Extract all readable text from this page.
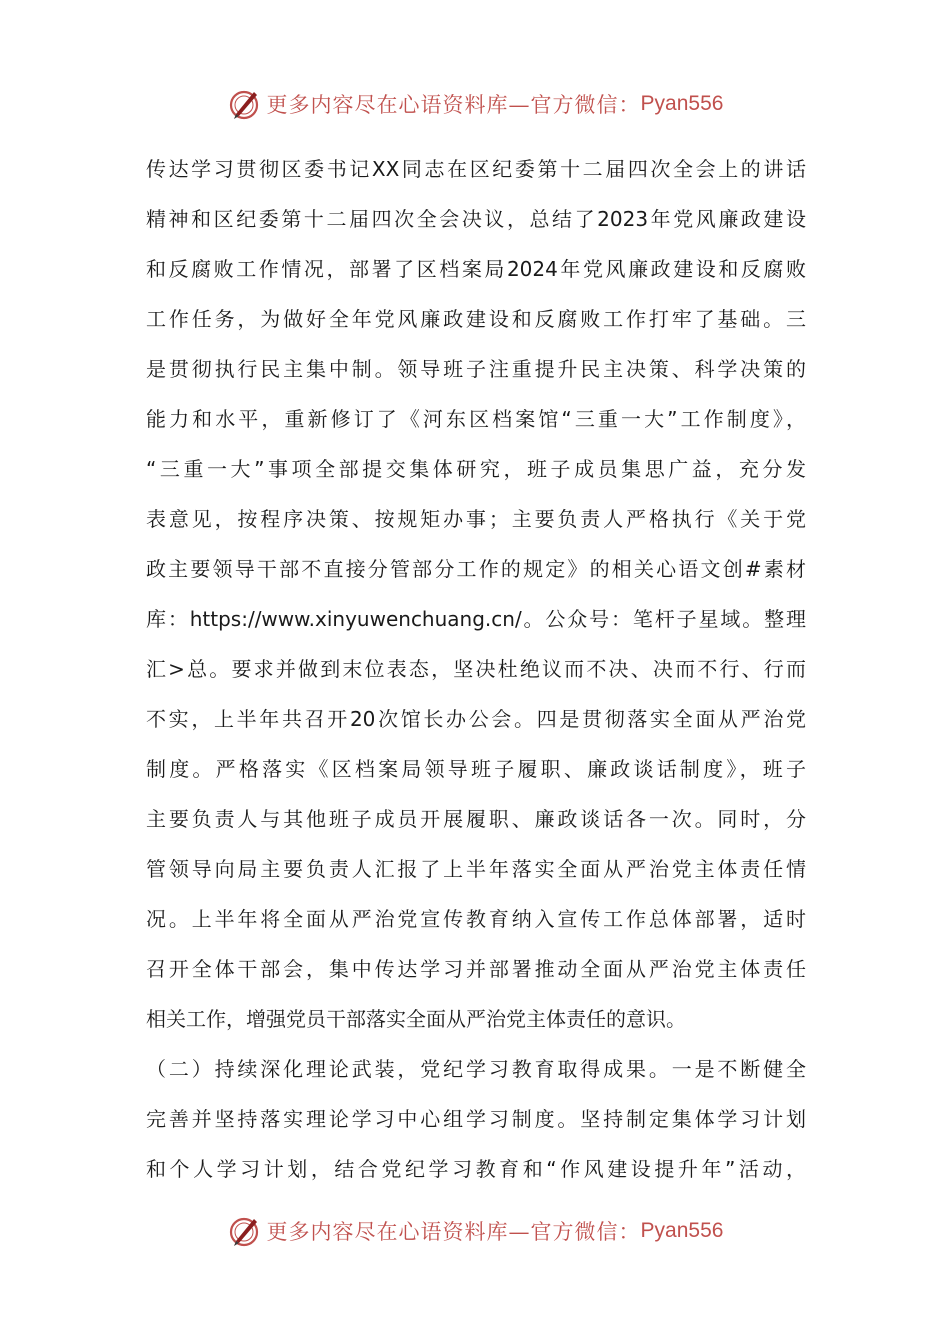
更多内容尽在心语资料库—官方微信： Pyan556
传达学习贯彻区委书记XX同志在区纪委第十二届四次全会上的讲话
精神和区纪委第十二届四次全会决议，总结了2023年党风廉政建设
和反腐败工作情况，部署了区档案局2024年党风廉政建设和反腐败
工作任务，为做好全年党风廉政建设和反腐败工作打牢了基础。三
是贯彻执行民主集中制。领导班子注重提升民主决策、科学决策的
能力和水平，重新修订了《河东区档案馆“三重一大”工作制度》，
“三重一大”事项全部提交集体研究，班子成员集思广益，充分发
表意见，按程序决策、按规矩办事；主要负责人严格执行《关于党
政主要领导干部不直接分管部分工作的规定》的相关心语文创#素材
库：https://www.xinyuwenchuang.cn/。公众号：笔杆子星域。整理
汇>总。要求并做到末位表态，坚决杜绝议而不决、决而不行、行而
不实，上半年共召开20次馆长办公会。四是贯彻落实全面从严治党
制度。严格落实《区档案局领导班子履职、廉政谈话制度》，班子
主要负责人与其他班子成员开展履职、廉政谈话各一次。同时，分
管领导向局主要负责人汇报了上半年落实全面从严治党主体责任情
况。上半年将全面从严治党宣传教育纳入宣传工作总体部署，适时
召开全体干部会，集中传达学习并部署推动全面从严治党主体责任
相关工作，增强党员干部落实全面从严治党主体责任的意识。
（二）持续深化理论武装，党纪学习教育取得成果。一是不断健全
完善并坚持落实理论学习中心组学习制度。坚持制定集体学习计划
和个人学习计划，结合党纪学习教育和“作风建设提升年”活动，
更多内容尽在心语资料库—官方微信： Pyan556
